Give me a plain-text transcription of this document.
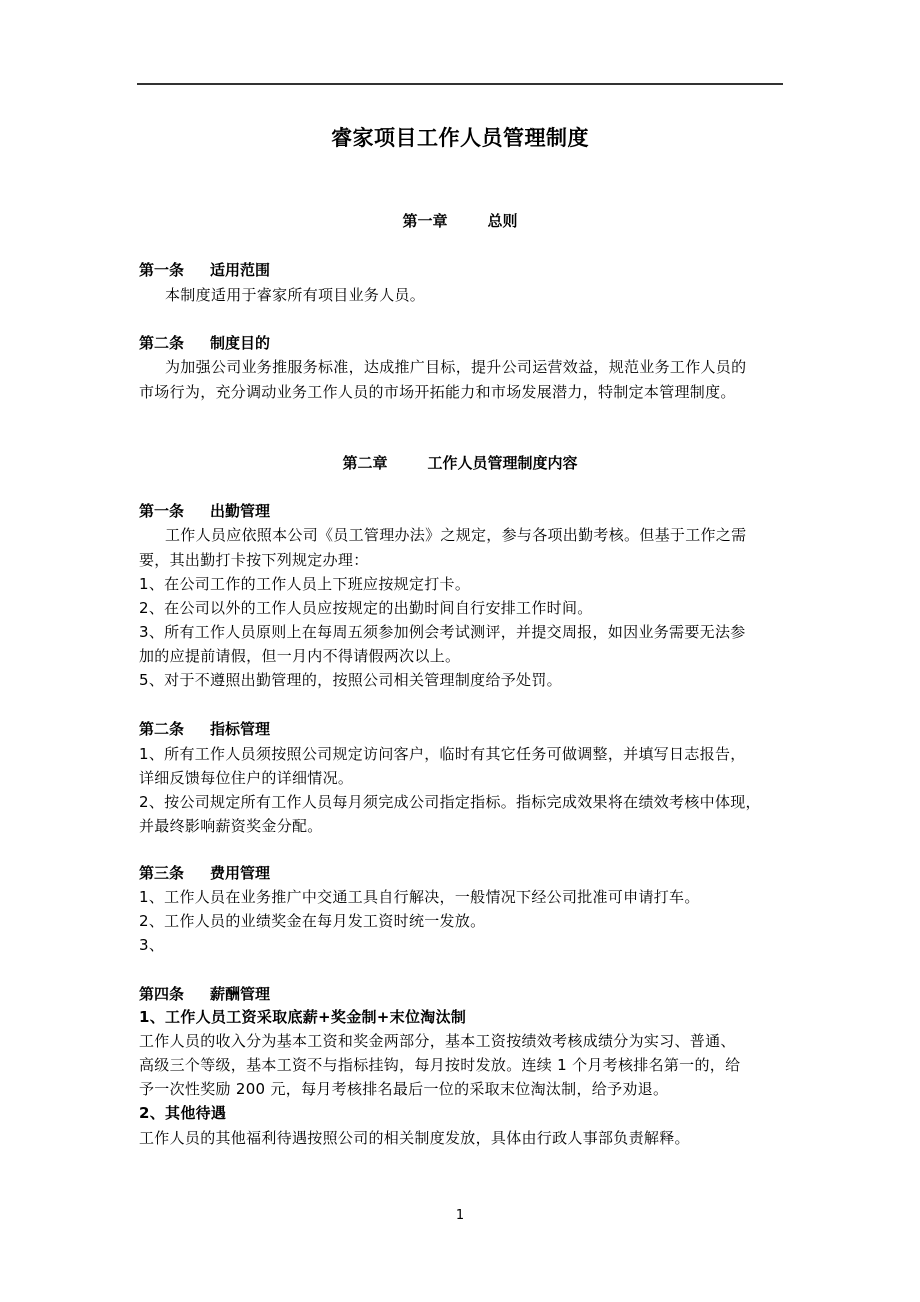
睿家项目工作人员管理制度
第一章	总则
第一条 适用范围
本制度适用于睿家所有项目业务人员。
第二条 制度目的
为加强公司业务推服务标准，达成推广目标，提升公司运营效益，规范业务工作人员的
市场行为，充分调动业务工作人员的市场开拓能力和市场发展潜力，特制定本管理制度。
第二章	工作人员管理制度内容
第一条 出勤管理
工作人员应依照本公司《员工管理办法》之规定，参与各项出勤考核。但基于工作之需
要，其出勤打卡按下列规定办理：
1、在公司工作的工作人员上下班应按规定打卡。
2、在公司以外的工作人员应按规定的出勤时间自行安排工作时间。
3、所有工作人员原则上在每周五须参加例会考试测评，并提交周报，如因业务需要无法参
加的应提前请假，但一月内不得请假两次以上。
5、对于不遵照出勤管理的，按照公司相关管理制度给予处罚。
第二条 指标管理
1、所有工作人员须按照公司规定访问客户，临时有其它任务可做调整，并填写日志报告，
详细反馈每位住户的详细情况。
2、按公司规定所有工作人员每月须完成公司指定指标。指标完成效果将在绩效考核中体现，
并最终影响薪资奖金分配。
第三条 费用管理
1、工作人员在业务推广中交通工具自行解决，一般情况下经公司批准可申请打车。
2、工作人员的业绩奖金在每月发工资时统一发放。
3、
第四条 薪酬管理
1、工作人员工资采取底薪+奖金制+末位淘汰制
工作人员的收入分为基本工资和奖金两部分，基本工资按绩效考核成绩分为实习、普通、
高级三个等级，基本工资不与指标挂钩，每月按时发放。连续 1 个月考核排名第一的，给
予一次性奖励 200 元，每月考核排名最后一位的采取末位淘汰制，给予劝退。
2、其他待遇
工作人员的其他福利待遇按照公司的相关制度发放，具体由行政人事部负责解释。
1
